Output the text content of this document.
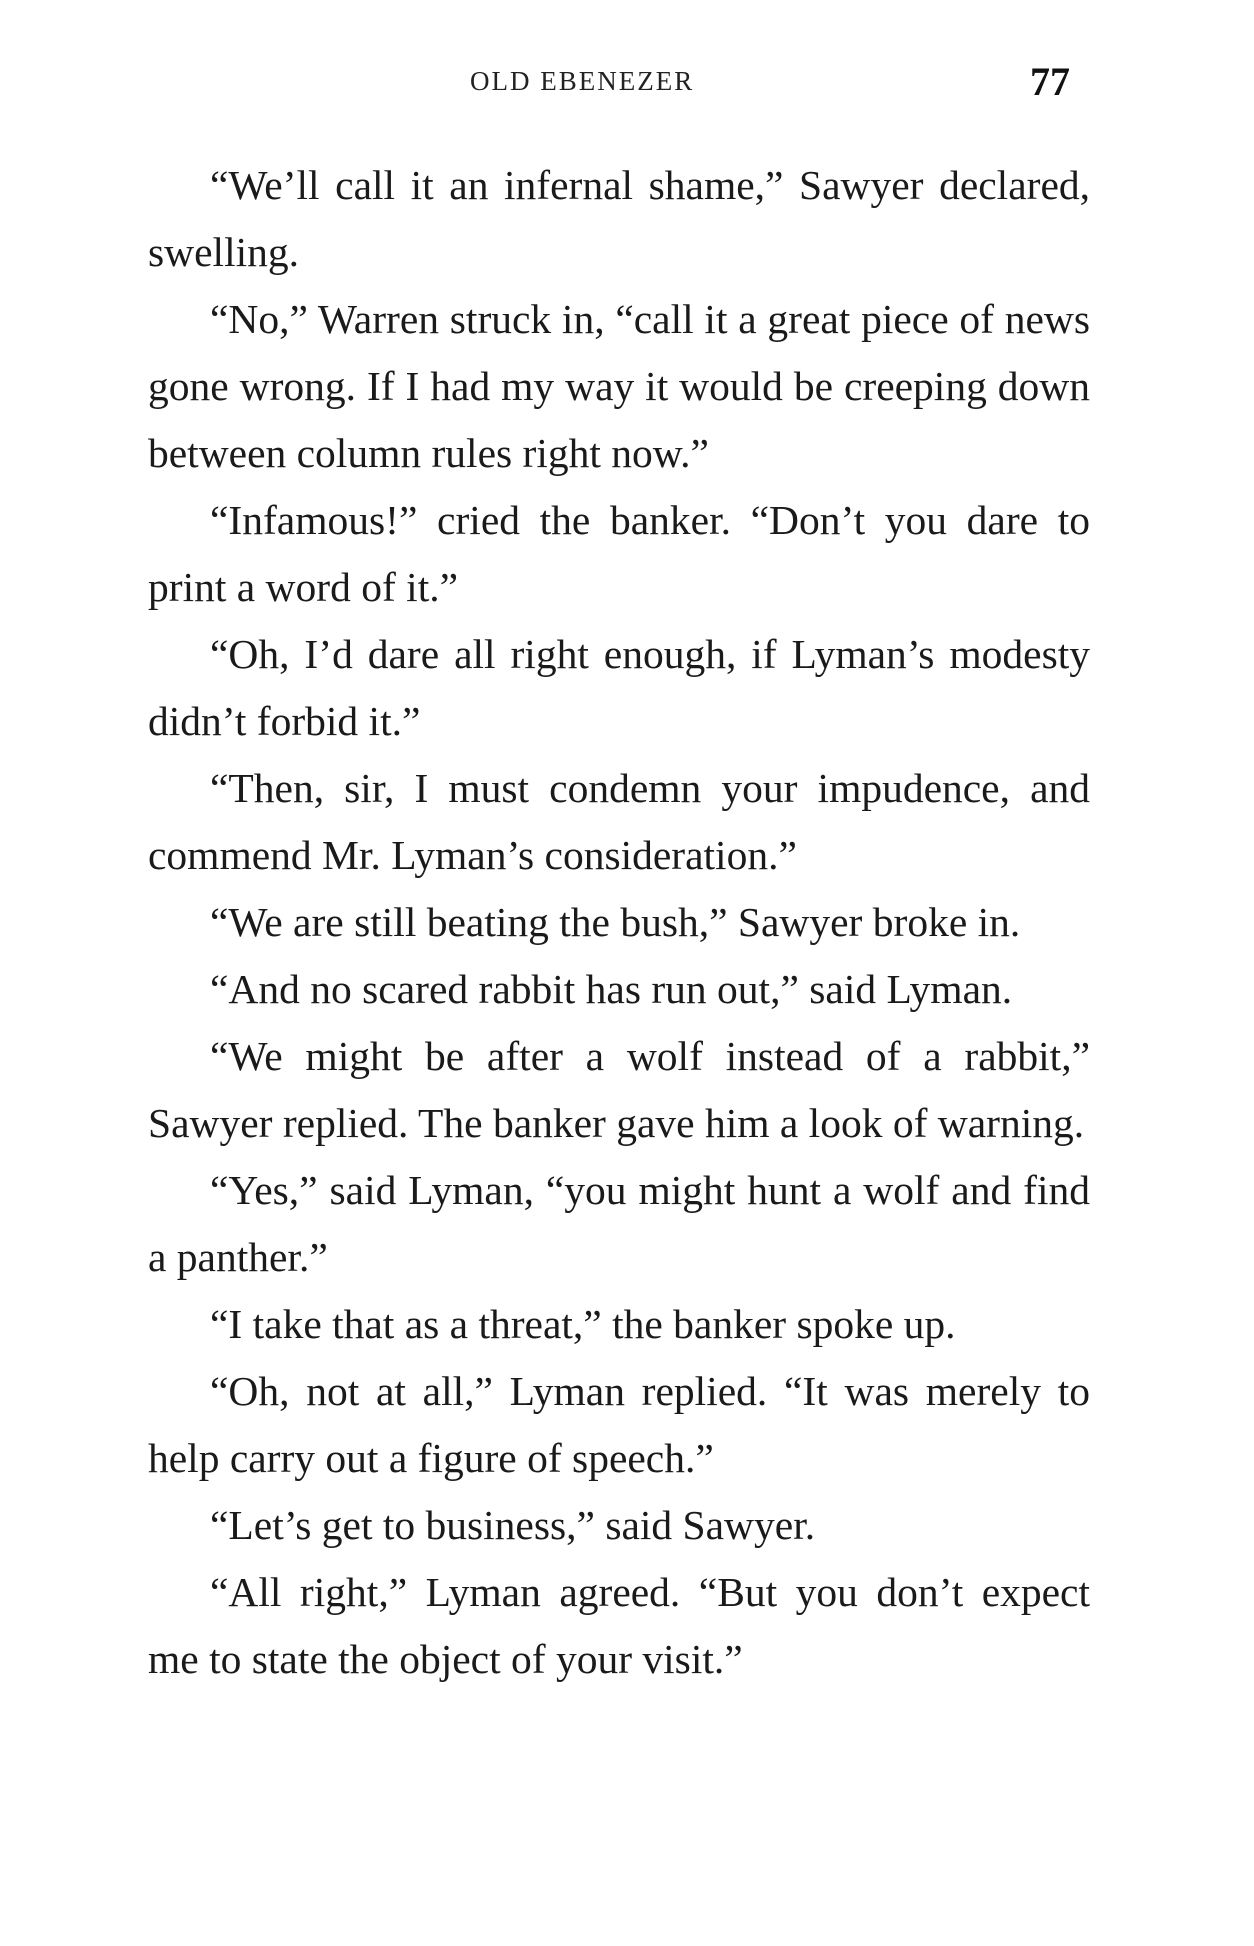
OLD EBENEZER	77

“We’ll call it an infernal shame,” Sawyer declared, swelling.

“No,” Warren struck in, “call it a great piece of news gone wrong. If I had my way it would be creeping down between column rules right now.”

“Infamous!” cried the banker. “Don’t you dare to print a word of it.”

“Oh, I’d dare all right enough, if Lyman’s modesty didn’t forbid it.”

“Then, sir, I must condemn your impudence, and commend Mr. Lyman’s consideration.”

“We are still beating the bush,” Sawyer broke in.

“And no scared rabbit has run out,” said Lyman.

“We might be after a wolf instead of a rabbit,” Sawyer replied. The banker gave him a look of warning.

“Yes,” said Lyman, “you might hunt a wolf and find a panther.”

“I take that as a threat,” the banker spoke up.

“Oh, not at all,” Lyman replied. “It was merely to help carry out a figure of speech.”

“Let’s get to business,” said Sawyer.

“All right,” Lyman agreed. “But you don’t expect me to state the object of your visit.”
